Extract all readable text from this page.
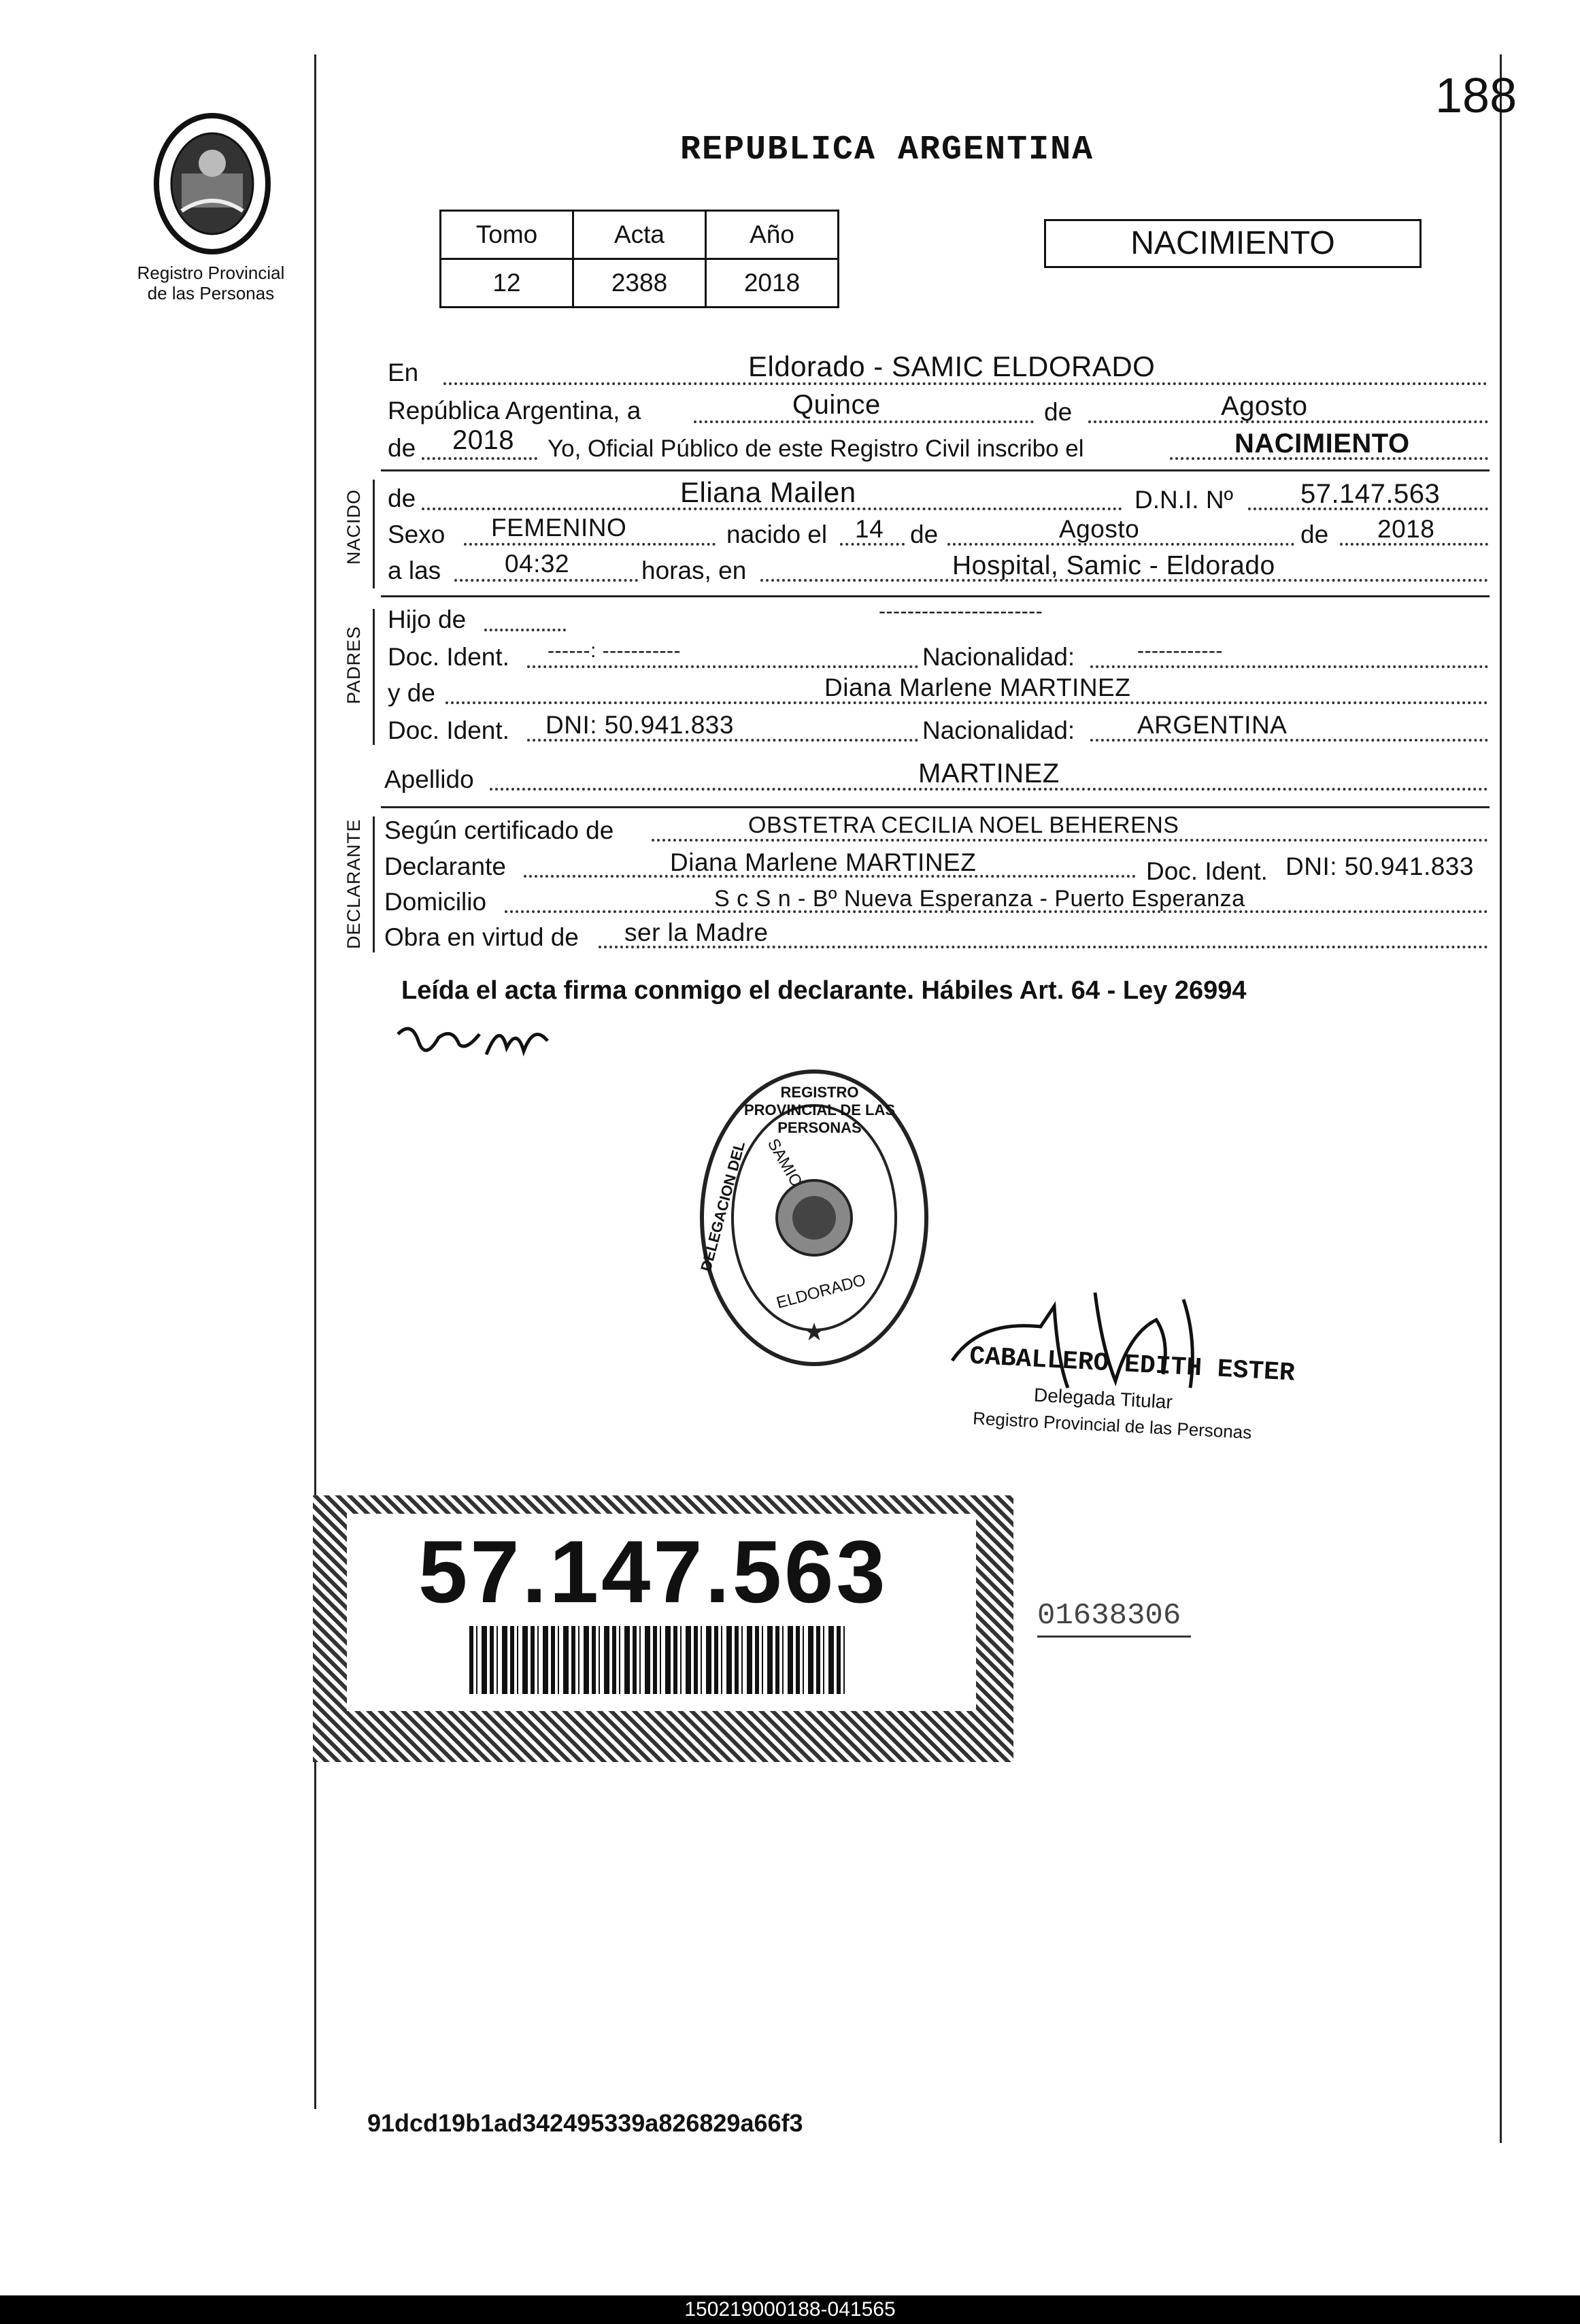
188
Registro Provincial
de las Personas
REPUBLICA ARGENTINA
Tomo	Acta	Año
12	2388	2018
NACIMIENTO
En	Eldorado - SAMIC ELDORADO
República Argentina, a	Quince	de	Agosto
de 2018 Yo, Oficial Público de este Registro Civil inscribo el	NACIMIENTO
NACIDO
PADRES
DECLARANTE
de	Eliana Mailen	D.N.I. Nº 57.147.563
Sexo FEMENINO	nacido el 14 de	Agosto	de 2018
a las	04:32	horas, en	Hospital, Samic - Eldorado
Hijo de	-----------------------
Doc. Ident. ------: -----------	Nacionalidad:	------------
y de	Diana Marlene MARTINEZ
Doc. Ident. DNI: 50.941.833	Nacionalidad: ARGENTINA
Apellido	MARTINEZ
Según certificado de	OBSTETRA CECILIA NOEL BEHERENS
Declarante	Diana Marlene MARTINEZ	Doc. Ident. DNI: 50.941.833
Domicilio	S c S n - Bº Nueva Esperanza - Puerto Esperanza
Obra en virtud de ser la Madre
Leída el acta firma conmigo el declarante. Hábiles Art. 64 - Ley 26994
★
SAMIC
ELDORADO
REGISTRO PROVINCIAL DE LAS PERSONAS
DELEGACION DEL
CABALLERO EDITH ESTER
Delegada Titular
Registro Provincial de las Personas
57.147.563	01638306
91dcd19b1ad342495339a826829a66f3
150219000188-041565
